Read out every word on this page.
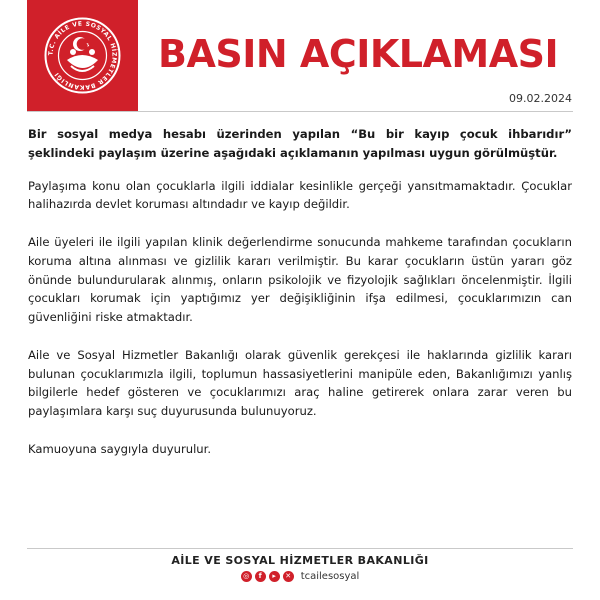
T.C. AİLE VE SOSYAL HİZMETLER BAKANLIĞI	BASIN AÇIKLAMASI
09.02.2024

Bir sosyal medya hesabı üzerinden yapılan “Bu bir kayıp çocuk ihbarıdır” şeklindeki paylaşım üzerine aşağıdaki açıklamanın yapılması uygun görülmüştür.

Paylaşıma konu olan çocuklarla ilgili iddialar kesinlikle gerçeği yansıtmamaktadır. Çocuklar halihazırda devlet koruması altındadır ve kayıp değildir.

Aile üyeleri ile ilgili yapılan klinik değerlendirme sonucunda mahkeme tarafından çocukların koruma altına alınması ve gizlilik kararı verilmiştir. Bu karar çocukların üstün yararı göz önünde bulundurularak alınmış, onların psikolojik ve fizyolojik sağlıkları öncelenmiştir. İlgili çocukları korumak için yaptığımız yer değişikliğinin ifşa edilmesi, çocuklarımızın can güvenliğini riske atmaktadır.

Aile ve Sosyal Hizmetler Bakanlığı olarak güvenlik gerekçesi ile haklarında gizlilik kararı bulunan çocuklarımızla ilgili, toplumun hassasiyetlerini manipüle eden, Bakanlığımızı yanlış bilgilerle hedef gösteren ve çocuklarımızı araç haline getirerek onlara zarar veren bu paylaşımlara karşı suç duyurusunda bulunuyoruz.

Kamuoyuna saygıyla duyurulur.

AİLE VE SOSYAL HİZMETLER BAKANLIĞI
◎	f	▸	✕ tcailesosyal
